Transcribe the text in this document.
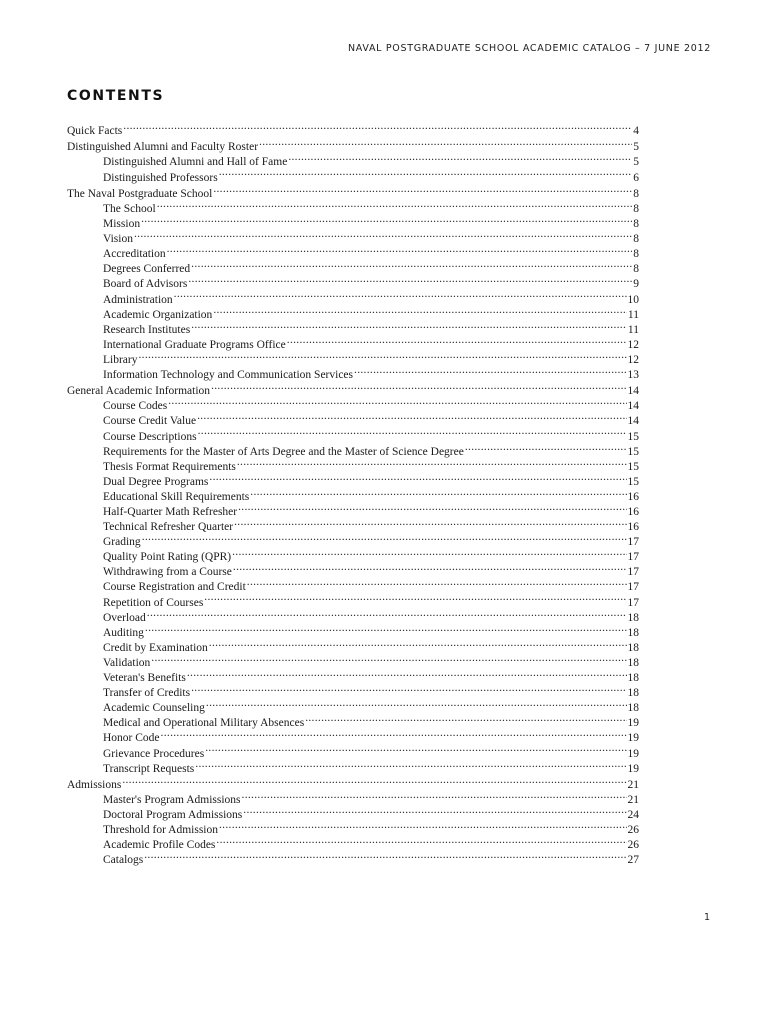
NAVAL POSTGRADUATE SCHOOL ACADEMIC CATALOG – 7 JUNE 2012
CONTENTS
Quick Facts .....	4
Distinguished Alumni and Faculty Roster .....	5
Distinguished Alumni and Hall of Fame .....	5
Distinguished Professors .....	6
The Naval Postgraduate School .....	8
The School .....	8
Mission .....	8
Vision .....	8
Accreditation .....	8
Degrees Conferred .....	8
Board of Advisors .....	9
Administration .....	10
Academic Organization .....	11
Research Institutes .....	11
International Graduate Programs Office .....	12
Library .....	12
Information Technology and Communication Services .....	13
General Academic Information .....	14
Course Codes .....	14
Course Credit Value .....	14
Course Descriptions .....	15
Requirements for the Master of Arts Degree and the Master of Science Degree .....	15
Thesis Format Requirements .....	15
Dual Degree Programs .....	15
Educational Skill Requirements .....	16
Half-Quarter Math Refresher .....	16
Technical Refresher Quarter .....	16
Grading .....	17
Quality Point Rating (QPR) .....	17
Withdrawing from a Course .....	17
Course Registration and Credit .....	17
Repetition of Courses .....	17
Overload .....	18
Auditing .....	18
Credit by Examination .....	18
Validation .....	18
Veteran's Benefits .....	18
Transfer of Credits .....	18
Academic Counseling .....	18
Medical and Operational Military Absences .....	19
Honor Code .....	19
Grievance Procedures .....	19
Transcript Requests .....	19
Admissions .....	21
Master's Program Admissions .....	21
Doctoral Program Admissions .....	24
Threshold for Admission .....	26
Academic Profile Codes .....	26
Catalogs .....	27
1
